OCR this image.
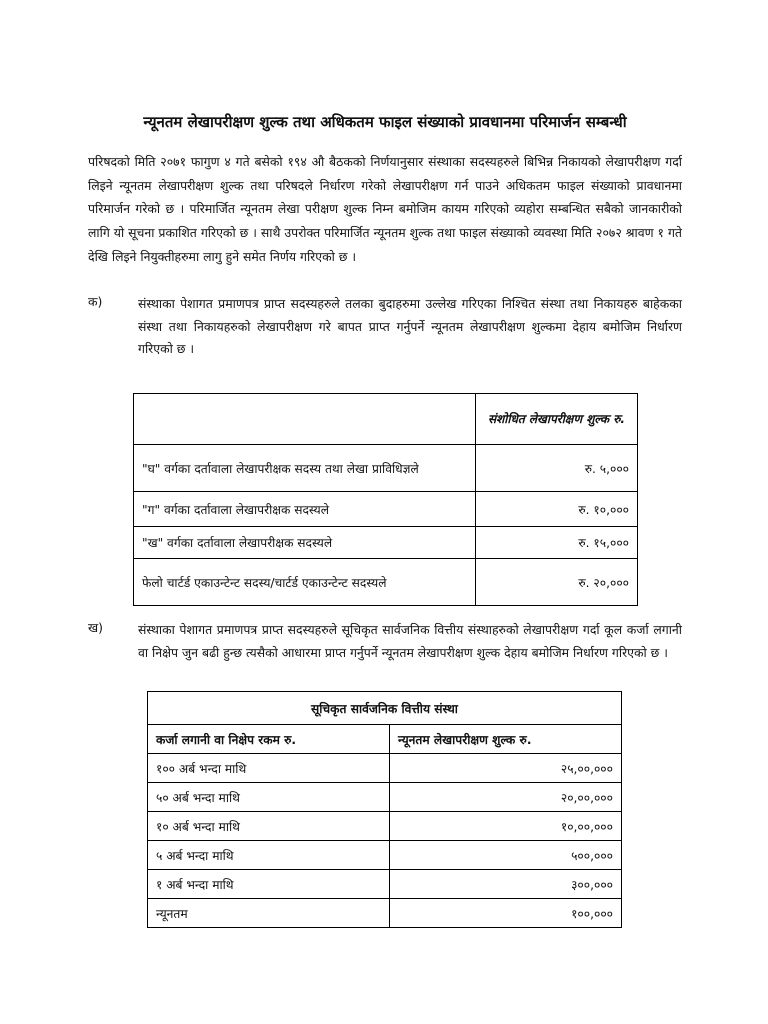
न्यूनतम लेखापरीक्षण शुल्क तथा अधिकतम फाइल संख्याको प्रावधानमा परिमार्जन सम्बन्धी

परिषदको मिति २०७१ फागुण ४ गते बसेको १९४ औ बैठकको निर्णयानुसार संस्थाका सदस्यहरुले बिभिन्न निकायको लेखापरीक्षण गर्दा लिइने न्यूनतम लेखापरीक्षण शुल्क तथा परिषदले निर्धारण गरेको लेखापरीक्षण गर्न पाउने अधिकतम फाइल संख्याको प्रावधानमा परिमार्जन गरेको छ । परिमार्जित न्यूनतम लेखा परीक्षण शुल्क निम्न बमोजिम कायम गरिएको व्यहोरा सम्बन्धित सबैको जानकारीको लागि यो सूचना प्रकाशित गरिएको छ । साथै उपरोक्त परिमार्जित न्यूनतम शुल्क तथा फाइल संख्याको व्यवस्था मिति २०७२ श्रावण १ गते देखि लिइने नियुक्तीहरुमा लागु हुने समेत निर्णय गरिएको छ ।

क)	संस्थाका पेशागत प्रमाणपत्र प्राप्त सदस्यहरुले तलका बुदाहरुमा उल्लेख गरिएका निश्चित संस्था तथा निकायहरु बाहेकका संस्था तथा निकायहरुको लेखापरीक्षण गरे बापत प्राप्त गर्नुपर्ने न्यूनतम लेखापरीक्षण शुल्कमा देहाय बमोजिम निर्धारण गरिएको छ ।

	संशोधित लेखापरीक्षण शुल्क रु.
"घ" वर्गका दर्तावाला लेखापरीक्षक सदस्य तथा लेखा प्राविधिज्ञले	रु. ५,०००
"ग" वर्गका दर्तावाला लेखापरीक्षक सदस्यले	रु. १०,०००
"ख" वर्गका दर्तावाला लेखापरीक्षक सदस्यले	रु. १५,०००
फेलो चार्टर्ड एकाउन्टेन्ट सदस्य/चार्टर्ड एकाउन्टेन्ट सदस्यले	रु. २०,०००
ख)	संस्थाका पेशागत प्रमाणपत्र प्राप्त सदस्यहरुले सूचिकृत सार्वजनिक वित्तीय संस्थाहरुको लेखापरीक्षण गर्दा कूल कर्जा लगानी वा निक्षेप जुन बढी हुन्छ त्यसैको आधारमा प्राप्त गर्नुपर्ने न्यूनतम लेखापरीक्षण शुल्क देहाय बमोजिम निर्धारण गरिएको छ ।

सूचिकृत सार्वजनिक वित्तीय संस्था	
कर्जा लगानी वा निक्षेप रकम रु.	न्यूनतम लेखापरीक्षण शुल्क रु.
१०० अर्ब भन्दा माथि	२५,००,०००
५० अर्ब भन्दा माथि	२०,००,०००
१० अर्ब भन्दा माथि	१०,००,०००
५ अर्ब भन्दा माथि	५००,०००
१ अर्ब भन्दा माथि	३००,०००
न्यूनतम	१००,०००
